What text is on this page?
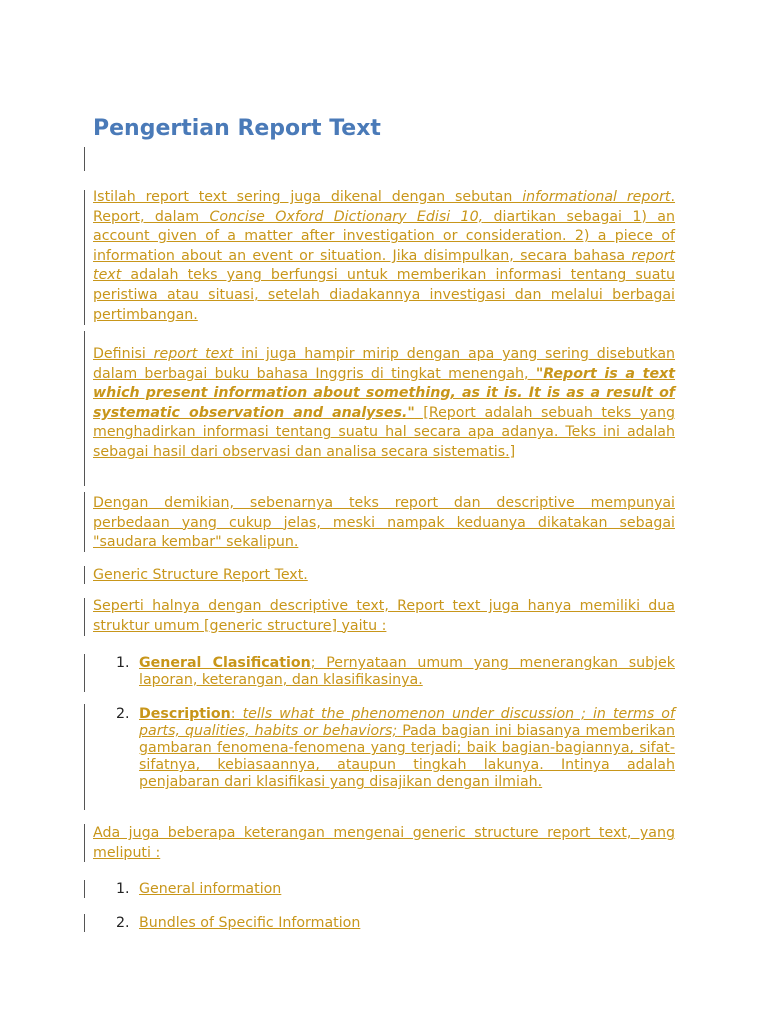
Pengertian Report Text

Istilah report text sering juga dikenal dengan sebutan informational report. Report, dalam Concise Oxford Dictionary Edisi 10, diartikan sebagai 1) an account given of a matter after investigation or consideration. 2) a piece of information about an event or situation. Jika disimpulkan, secara bahasa report text adalah teks yang berfungsi untuk memberikan informasi tentang suatu peristiwa atau situasi, setelah diadakannya investigasi dan melalui berbagai pertimbangan.

Definisi report text ini juga hampir mirip dengan apa yang sering disebutkan dalam berbagai buku bahasa Inggris di tingkat menengah, "Report is a text which present information about something, as it is. It is as a result of systematic observation and analyses." [Report adalah sebuah teks yang menghadirkan informasi tentang suatu hal secara apa adanya. Teks ini adalah sebagai hasil dari observasi dan analisa secara sistematis.]

Dengan demikian, sebenarnya teks report dan descriptive mempunyai perbedaan yang cukup jelas, meski nampak keduanya dikatakan sebagai "saudara kembar" sekalipun.

Generic Structure Report Text.

Seperti halnya dengan descriptive text, Report text juga hanya memiliki dua struktur umum [generic structure] yaitu :

1. General Clasification; Pernyataan umum yang menerangkan subjek laporan, keterangan, dan klasifikasinya.

2. Description: tells what the phenomenon under discussion ; in terms of parts, qualities, habits or behaviors; Pada bagian ini biasanya memberikan gambaran fenomena-fenomena yang terjadi; baik bagian-bagiannya, sifat-sifatnya, kebiasaannya, ataupun tingkah lakunya. Intinya adalah penjabaran dari klasifikasi yang disajikan dengan ilmiah.

Ada juga beberapa keterangan mengenai generic structure report text, yang meliputi :

1. General information

2. Bundles of Specific Information
